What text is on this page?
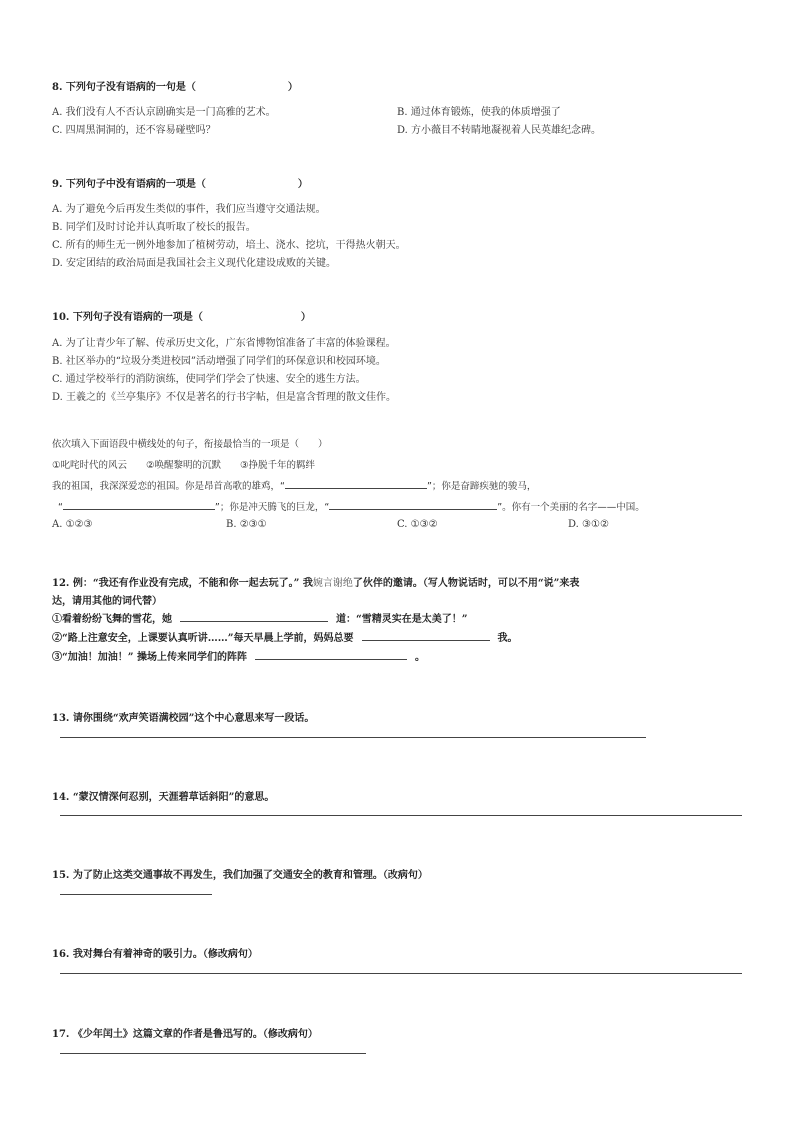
8. 下列句子没有语病的一句是（	）
A. 我们没有人不否认京剧确实是一门高雅的艺术。	B. 通过体育锻炼，使我的体质增强了
C. 四周黑洞洞的，还不容易碰壁吗？	D. 方小薇目不转睛地凝视着人民英雄纪念碑。
9. 下列句子中没有语病的一项是（	）
A. 为了避免今后再发生类似的事件，我们应当遵守交通法规。
B. 同学们及时讨论并认真听取了校长的报告。
C. 所有的师生无一例外地参加了植树劳动，培土、浇水、挖坑，干得热火朝天。
D. 安定团结的政治局面是我国社会主义现代化建设成败的关键。
10. 下列句子没有语病的一项是（	）
A. 为了让青少年了解、传承历史文化，广东省博物馆准备了丰富的体验课程。
B. 社区举办的“垃圾分类进校园”活动增强了同学们的环保意识和校园环境。
C. 通过学校举行的消防演练，使同学们学会了快速、安全的逃生方法。
D. 王羲之的《兰亭集序》不仅是著名的行书字帖，但是富含哲理的散文佳作。
依次填入下面语段中横线处的句子，衔接最恰当的一项是（　　）
①叱咤时代的风云　　②唤醒黎明的沉默　　③挣脱千年的羁绊
我的祖国，我深深爱恋的祖国。你是昂首高歌的雄鸡，“	”；你是奋蹄疾驰的骏马，
“	”；你是冲天腾飞的巨龙，“	”。你有一个美丽的名字——中国。
A. ①②③	B. ②③①	C. ①③②	D. ③①②
12. 例：“我还有作业没有完成，不能和你一起去玩了。” 我婉言谢绝了伙伴的邀请。（写人物说话时，可以不用“说”来表
达，请用其他的词代替）
①看着纷纷飞舞的雪花，她	道：“雪精灵实在是太美了！”
②“路上注意安全，上课要认真听讲……”每天早晨上学前，妈妈总要	我。
③“加油！加油！” 操场上传来同学们的阵阵	。
13. 请你围绕“欢声笑语满校园”这个中心意思来写一段话。
14. “蒙汉情深何忍别，天涯碧草话斜阳”的意思。
15. 为了防止这类交通事故不再发生，我们加强了交通安全的教育和管理。（改病句）
16. 我对舞台有着神奇的吸引力。（修改病句）
17. 《少年闰土》这篇文章的作者是鲁迅写的。（修改病句）
